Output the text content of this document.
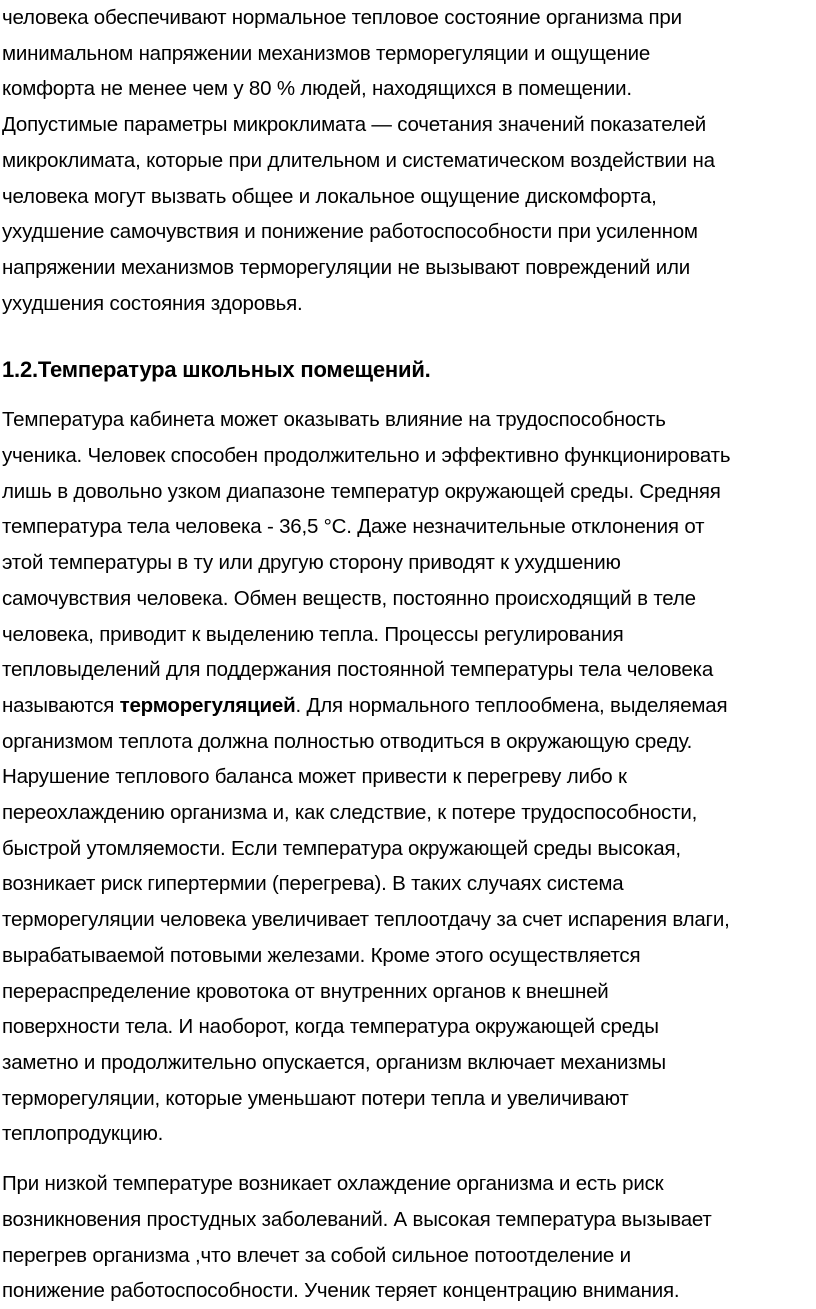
человека обеспечивают нормальное тепловое состояние организма при
минимальном напряжении механизмов терморегуляции и ощущение
комфорта не менее чем у 80 % людей, находящихся в помещении.
Допустимые параметры микроклимата — сочетания значений показателей
микроклимата, которые при длительном и систематическом воздействии на
человека могут вызвать общее и локальное ощущение дискомфорта,
ухудшение самочувствия и понижение работоспособности при усиленном
напряжении механизмов терморегуляции не вызывают повреждений или
ухудшения состояния здоровья.

1.2.Температура школьных помещений.

Температура кабинета может оказывать влияние на трудоспособность
ученика. Человек способен продолжительно и эффективно функционировать
лишь в довольно узком диапазоне температур окружающей среды. Средняя
температура тела человека - 36,5 °С. Даже незначительные отклонения от
этой температуры в ту или другую сторону приводят к ухудшению
самочувствия человека. Обмен веществ, постоянно происходящий в теле
человека, приводит к выделению тепла. Процессы регулирования
тепловыделений для поддержания постоянной температуры тела человека
называются терморегуляцией. Для нормального теплообмена, выделяемая
организмом теплота должна полностью отводиться в окружающую среду.
Нарушение теплового баланса может привести к перегреву либо к
переохлаждению организма и, как следствие, к потере трудоспособности,
быстрой утомляемости. Если температура окружающей среды высокая,
возникает риск гипертермии (перегрева). В таких случаях система
терморегуляции человека увеличивает теплоотдачу за счет испарения влаги,
вырабатываемой потовыми железами. Кроме этого осуществляется
перераспределение кровотока от внутренних органов к внешней
поверхности тела. И наоборот, когда температура окружающей среды
заметно и продолжительно опускается, организм включает механизмы
терморегуляции, которые уменьшают потери тепла и увеличивают
теплопродукцию.

При низкой температуре возникает охлаждение организма и есть риск
возникновения простудных заболеваний. А высокая температура вызывает
перегрев организма ,что влечет за собой сильное потоотделение и
понижение работоспособности. Ученик теряет концентрацию внимания.
